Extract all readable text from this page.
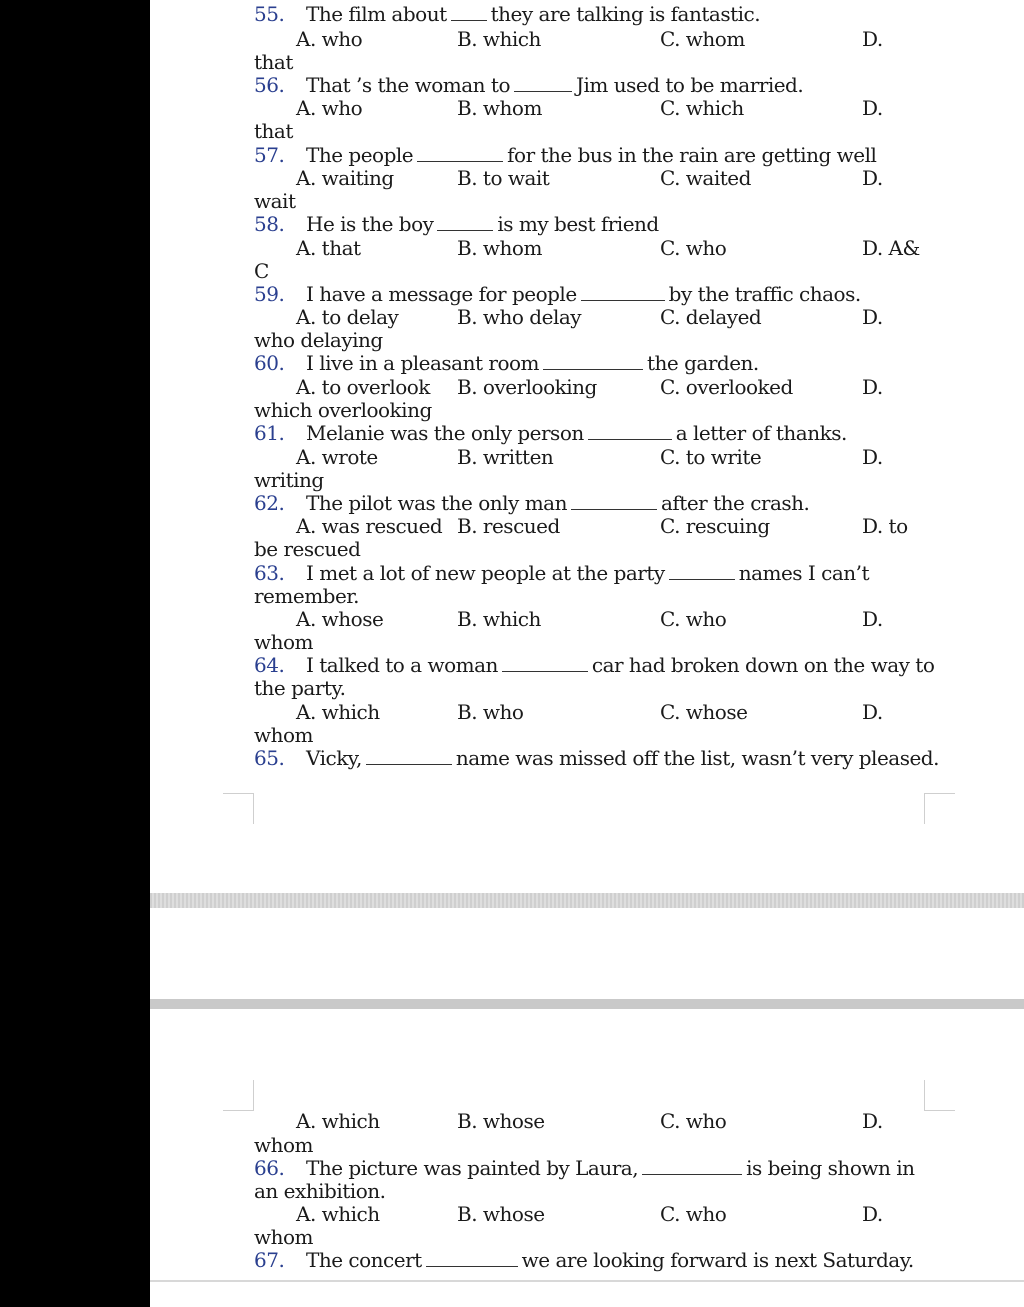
55. The film about they are talking is fantastic.
A. who	B. which	C. whom	D.
that
56. That ’s the woman to	Jim used to be married.
A. who	B. whom	C. which	D.
that
57. The people	for the bus in the rain are getting well
A. waiting	B. to wait	C. waited	D.
wait
58. He is the boy	is my best friend
A. that	B. whom	C. who	D. A&
C
59. I have a message for people	by the traffic chaos.
A. to delay	B. who delay	C. delayed	D.
who delaying
60. I live in a pleasant room	the garden.
A. to overlook B. overlooking	C. overlooked	D.
which overlooking
61. Melanie was the only person	a letter of thanks.
A. wrote	B. written	C. to write	D.
writing
62. The pilot was the only man	after the crash.
A. was rescued B. rescued	C. rescuing	D. to
be rescued
63. I met a lot of new people at the party	names I can’t
remember.
A. whose	B. which	C. who	D.
whom
64. I talked to a woman	car had broken down on the way to
the party.
A. which	B. who	C. whose	D.
whom
65. Vicky,	name was missed off the list, wasn’t very pleased.
A. which	B. whose	C. who	D.
whom
66. The picture was painted by Laura,	is being shown in
an exhibition.
A. which	B. whose	C. who	D.
whom
67. The concert	we are looking forward is next Saturday.
